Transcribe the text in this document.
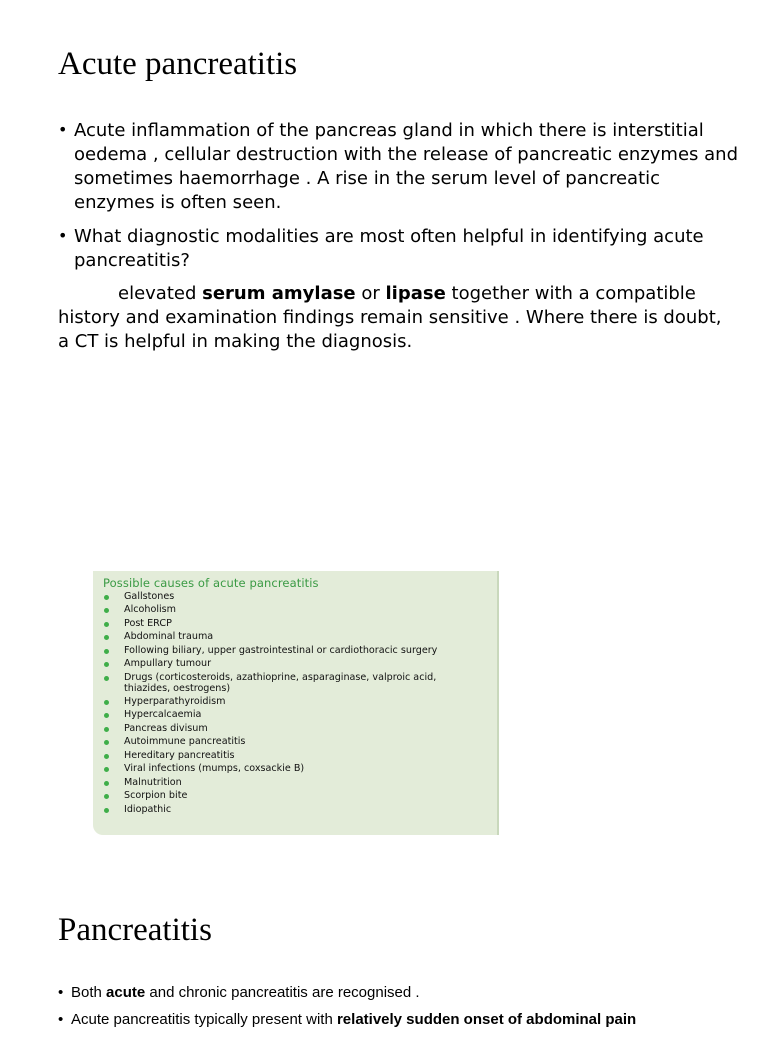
Acute pancreatitis
• Acute inflammation of the pancreas gland in which there is interstitial oedema , cellular destruction with the release of pancreatic enzymes and sometimes haemorrhage . A rise in the serum level of pancreatic enzymes is often seen.
• What diagnostic modalities are most often helpful in identifying acute pancreatitis?

elevated serum amylase or lipase together with a compatible history and examination findings remain sensitive . Where there is doubt, a CT is helpful in making the diagnosis.

Possible causes of acute pancreatitis
Gallstones
Alcoholism
Post ERCP
Abdominal trauma
Following biliary, upper gastrointestinal or cardiothoracic surgery
Ampullary tumour
Drugs (corticosteroids, azathioprine, asparaginase, valproic acid, thiazides, oestrogens)
Hyperparathyroidism
Hypercalcaemia
Pancreas divisum
Autoimmune pancreatitis
Hereditary pancreatitis
Viral infections (mumps, coxsackie B)
Malnutrition
Scorpion bite
Idiopathic
Pancreatitis
• Both acute and chronic pancreatitis are recognised .
• Acute pancreatitis typically present with relatively sudden onset of abdominal pain
